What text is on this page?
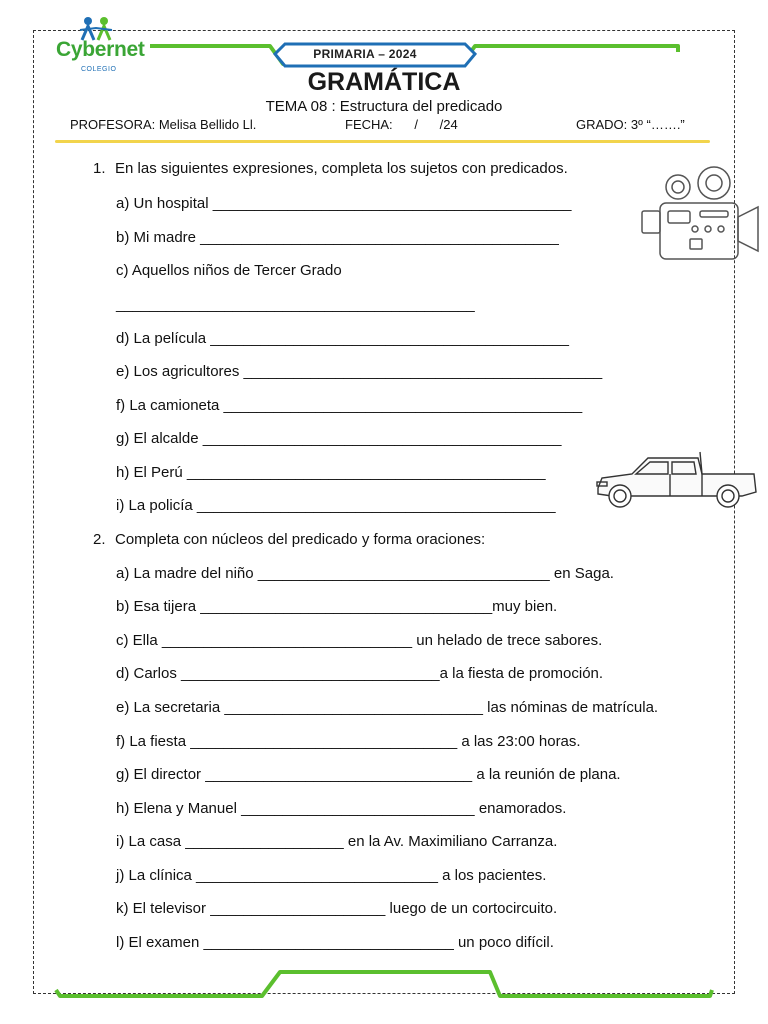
PRIMARIA – 2024
Cybernet
COLEGIO	GRAMÁTICA
TEMA 08 : Estructura del predicado
PROFESORA: Melisa Bellido Ll.	FECHA:      /      /24	GRADO: 3º “…….”
1. En las siguientes expresiones, completa los sujetos con predicados.
a) Un hospital ___________________________________________
b) Mi madre ___________________________________________
c) Aquellos niños de Tercer Grado
___________________________________________
d) La película ___________________________________________
e) Los agricultores ___________________________________________
f) La camioneta ___________________________________________
g) El alcalde ___________________________________________
h) El Perú ___________________________________________
i) La policía ___________________________________________
2. Completa con núcleos del predicado y forma oraciones:
a) La madre del niño ___________________________________ en Saga.
b) Esa tijera ___________________________________muy bien.
c) Ella ______________________________ un helado de trece sabores.
d) Carlos _______________________________a la fiesta de promoción.
e) La secretaria _______________________________ las nóminas de matrícula.
f) La fiesta ________________________________ a las 23:00 horas.
g) El director ________________________________ a la reunión de plana.
h) Elena y Manuel ____________________________ enamorados.
i) La casa ___________________ en la Av. Maximiliano Carranza.
j) La clínica _____________________________ a los pacientes.
k) El televisor _____________________ luego de un cortocircuito.
l) El examen ______________________________ un poco difícil.
